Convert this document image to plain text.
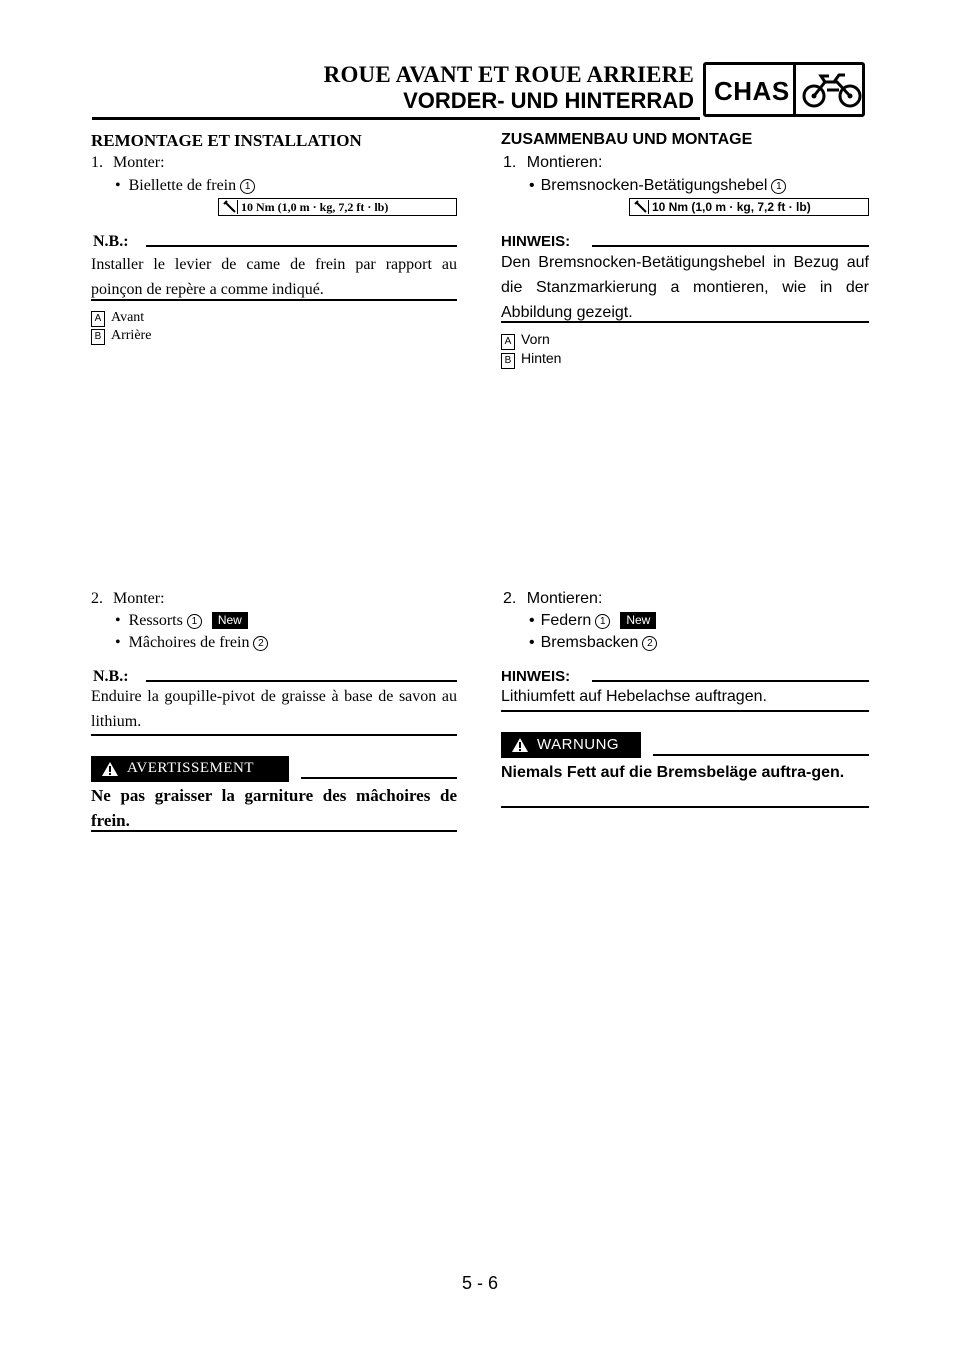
ROUE AVANT ET ROUE ARRIERE
VORDER- UND HINTERRAD CHAS
REMONTAGE ET INSTALLATION
1. Monter:
• Biellette de frein 1
10 Nm (1,0 m · kg, 7,2 ft · lb)
N.B.:
Installer le levier de came de frein par rapport au poinçon de repère a comme indiqué.
A Avant
B Arrière
2. Monter:
• Ressorts 1 New
• Mâchoires de frein 2
N.B.:
Enduire la goupille-pivot de graisse à base de savon au lithium.
AVERTISSEMENT
Ne pas graisser la garniture des mâchoires de frein.
ZUSAMMENBAU UND MONTAGE
1. Montieren:
• Bremsnocken-Betätigungshebel 1
10 Nm (1,0 m · kg, 7,2 ft · lb)
HINWEIS:
Den Bremsnocken-Betätigungshebel in Bezug auf die Stanzmarkierung a montieren, wie in der Abbildung gezeigt.
A Vorn
B Hinten
2. Montieren:
• Federn 1 New
• Bremsbacken 2
HINWEIS:
Lithiumfett auf Hebelachse auftragen.
WARNUNG
Niemals Fett auf die Bremsbeläge auftra-gen.
5 - 6
